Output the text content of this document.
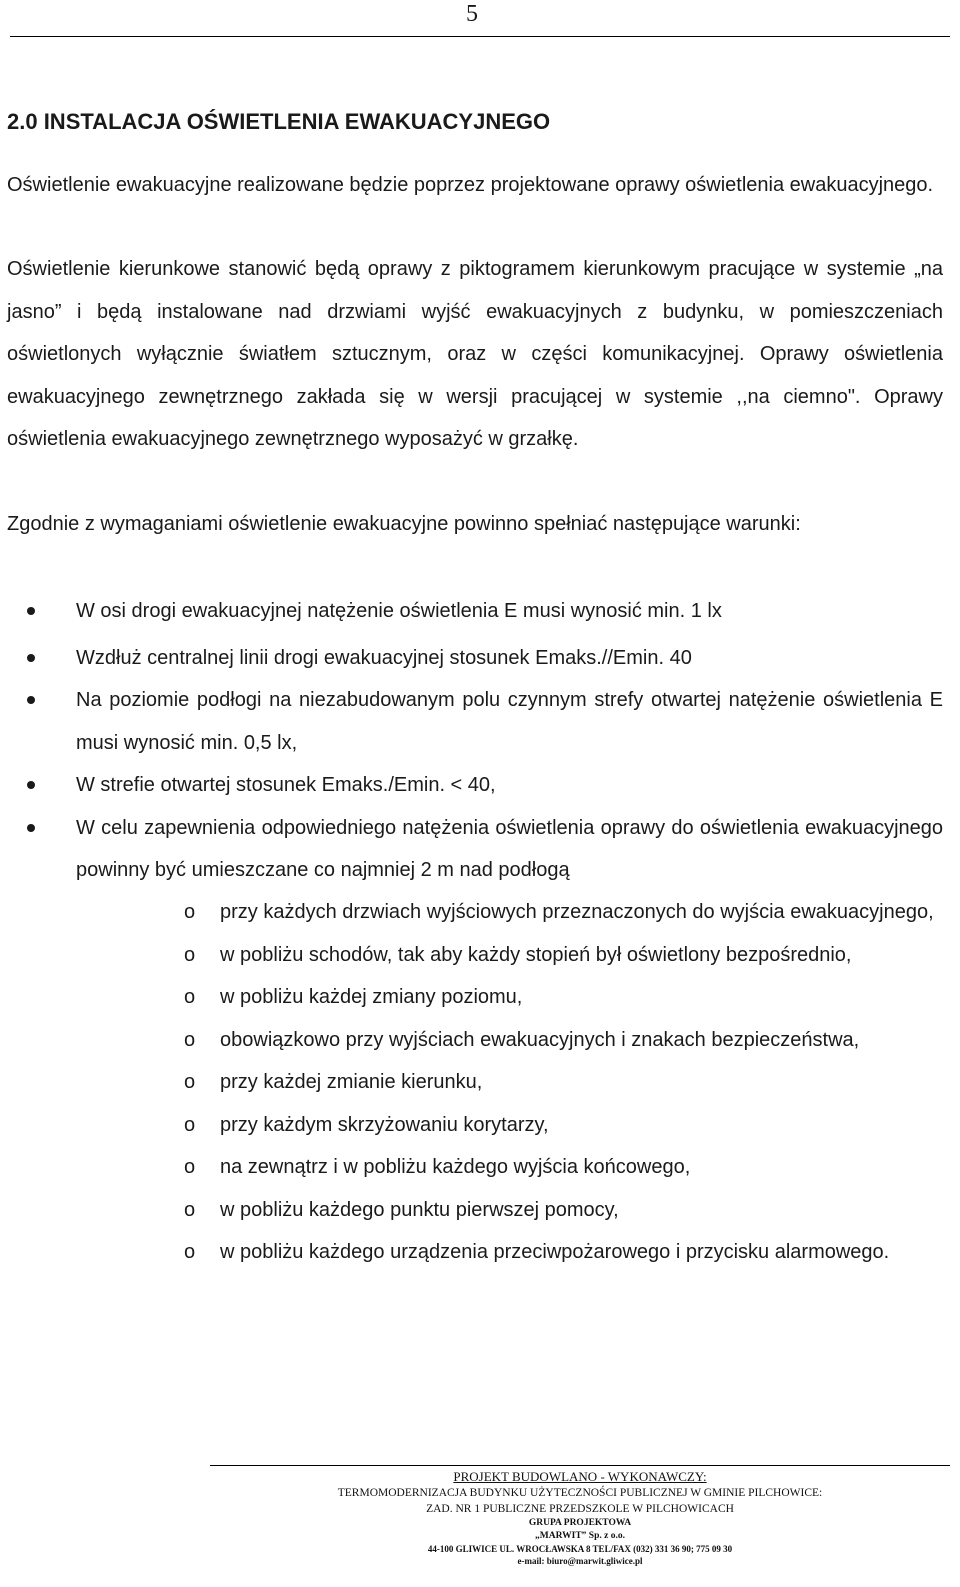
5
2.0 INSTALACJA OŚWIETLENIA EWAKUACYJNEGO
Oświetlenie ewakuacyjne realizowane będzie poprzez projektowane oprawy oświetlenia ewakuacyjnego.
Oświetlenie kierunkowe stanowić będą oprawy z piktogramem kierunkowym pracujące w systemie „na jasno” i będą instalowane nad drzwiami wyjść ewakuacyjnych z budynku, w pomieszczeniach oświetlonych wyłącznie światłem sztucznym, oraz w części komunikacyjnej. Oprawy oświetlenia ewakuacyjnego zewnętrznego zakłada się w wersji pracującej w systemie ,,na ciemno". Oprawy oświetlenia ewakuacyjnego zewnętrznego wyposażyć w grzałkę.
Zgodnie z wymaganiami oświetlenie ewakuacyjne powinno spełniać następujące warunki:
W osi drogi ewakuacyjnej natężenie oświetlenia E musi wynosić min. 1 lx
Wzdłuż centralnej linii drogi ewakuacyjnej stosunek Emaks.//Emin. 40
Na poziomie podłogi na niezabudowanym polu czynnym strefy otwartej natężenie oświetlenia E musi wynosić min. 0,5 lx,
W strefie otwartej stosunek Emaks./Emin. < 40,
W celu zapewnienia odpowiedniego natężenia oświetlenia oprawy do oświetlenia ewakuacyjnego powinny być umieszczane co najmniej 2 m nad podłogą
o przy każdych drzwiach wyjściowych przeznaczonych do wyjścia ewakuacyjnego,
o w pobliżu schodów, tak aby każdy stopień był oświetlony bezpośrednio,
o w pobliżu każdej zmiany poziomu,
o obowiązkowo przy wyjściach ewakuacyjnych i znakach bezpieczeństwa,
o przy każdej zmianie kierunku,
o przy każdym skrzyżowaniu korytarzy,
o na zewnątrz i w pobliżu każdego wyjścia końcowego,
o w pobliżu każdego punktu pierwszej pomocy,
o w pobliżu każdego urządzenia przeciwpożarowego i przycisku alarmowego.
PROJEKT BUDOWLANO - WYKONAWCZY:
TERMOMODERNIZACJA BUDYNKU UŻYTECZNOŚCI PUBLICZNEJ W GMINIE PILCHOWICE:
ZAD. NR 1 PUBLICZNE PRZEDSZKOLE W PILCHOWICACH
GRUPA PROJEKTOWA
„MARWIT” Sp. z o.o.
44-100 GLIWICE UL. WROCŁAWSKA 8 TEL/FAX (032) 331 36 90; 775 09 30
e-mail: biuro@marwit.gliwice.pl
